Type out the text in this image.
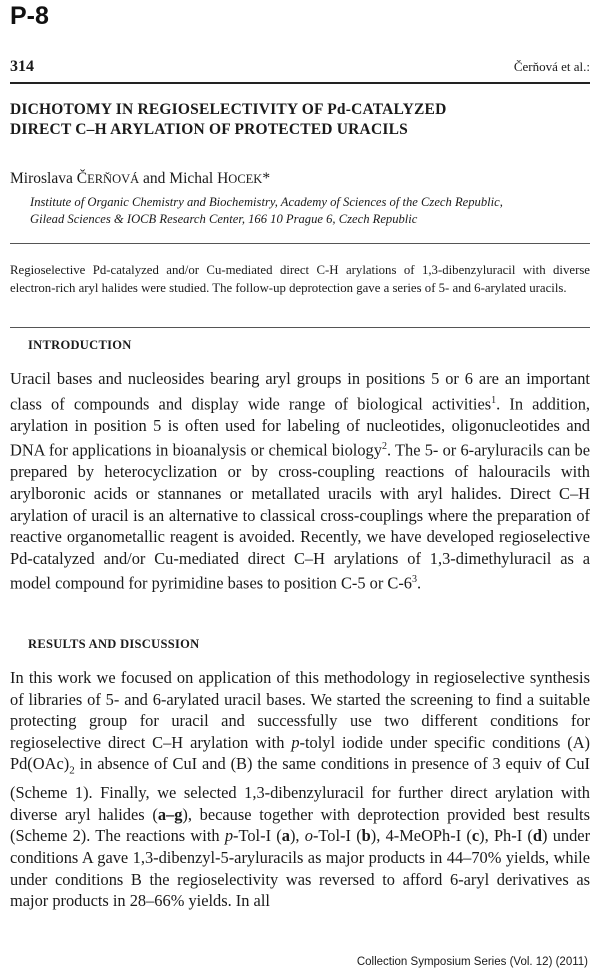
P-8
314	Čerňová et al.:
DICHOTOMY IN REGIOSELECTIVITY OF Pd-CATALYZED
DIRECT C–H ARYLATION OF PROTECTED URACILS
Miroslava ČERŇOVÁ and Michal HOCEK*
Institute of Organic Chemistry and Biochemistry, Academy of Sciences of the Czech Republic,
Gilead Sciences & IOCB Research Center, 166 10 Prague 6, Czech Republic
Regioselective Pd-catalyzed and/or Cu-mediated direct C-H arylations of 1,3-dibenzyluracil with diverse electron-rich aryl halides were studied. The follow-up deprotection gave a series of 5- and 6-arylated uracils.
INTRODUCTION
Uracil bases and nucleosides bearing aryl groups in positions 5 or 6 are an important class of compounds and display wide range of biological activities$^1$. In addition, arylation in position 5 is often used for labeling of nucleotides, oligonucleotides and DNA for applications in bioanalysis or chemical biology$^2$. The 5- or 6-aryluracils can be prepared by heterocyclization or by cross-coupling reactions of halouracils with arylboronic acids or stannanes or metallated uracils with aryl halides. Direct C–H arylation of uracil is an alternative to classical cross-couplings where the preparation of reactive organometallic reagent is avoided. Recently, we have developed regioselective Pd-catalyzed and/or Cu-mediated direct C–H arylations of 1,3-dimethyluracil as a model compound for pyrimidine bases to position C-5 or $C-6^3$.
RESULTS AND DISCUSSION
In this work we focused on application of this methodology in regioselective synthesis of libraries of 5- and 6-arylated uracil bases. We started the screening to find a suitable protecting group for uracil and successfully use two different conditions for regioselective direct C–H arylation with p-tolyl iodide under specific conditions (A) $Pd(OAc)_2$ in absence of CuI and (B) the same conditions in presence of 3 equiv of CuI (Scheme 1). Finally, we selected 1,3-dibenzyluracil for further direct arylation with diverse aryl halides (a–g), because together with deprotection provided best results (Scheme 2). The reactions with p-Tol-I (a), o-Tol-I (b), 4-MeOPh-I (c), Ph-I (d) under conditions A gave 1,3-dibenzyl-5-aryluracils as major products in 44–70% yields, while under conditions B the regioselectivity was reversed to afford 6-aryl derivatives as major products in 28–66% yields. In all
Collection Symposium Series (Vol. 12) (2011)
